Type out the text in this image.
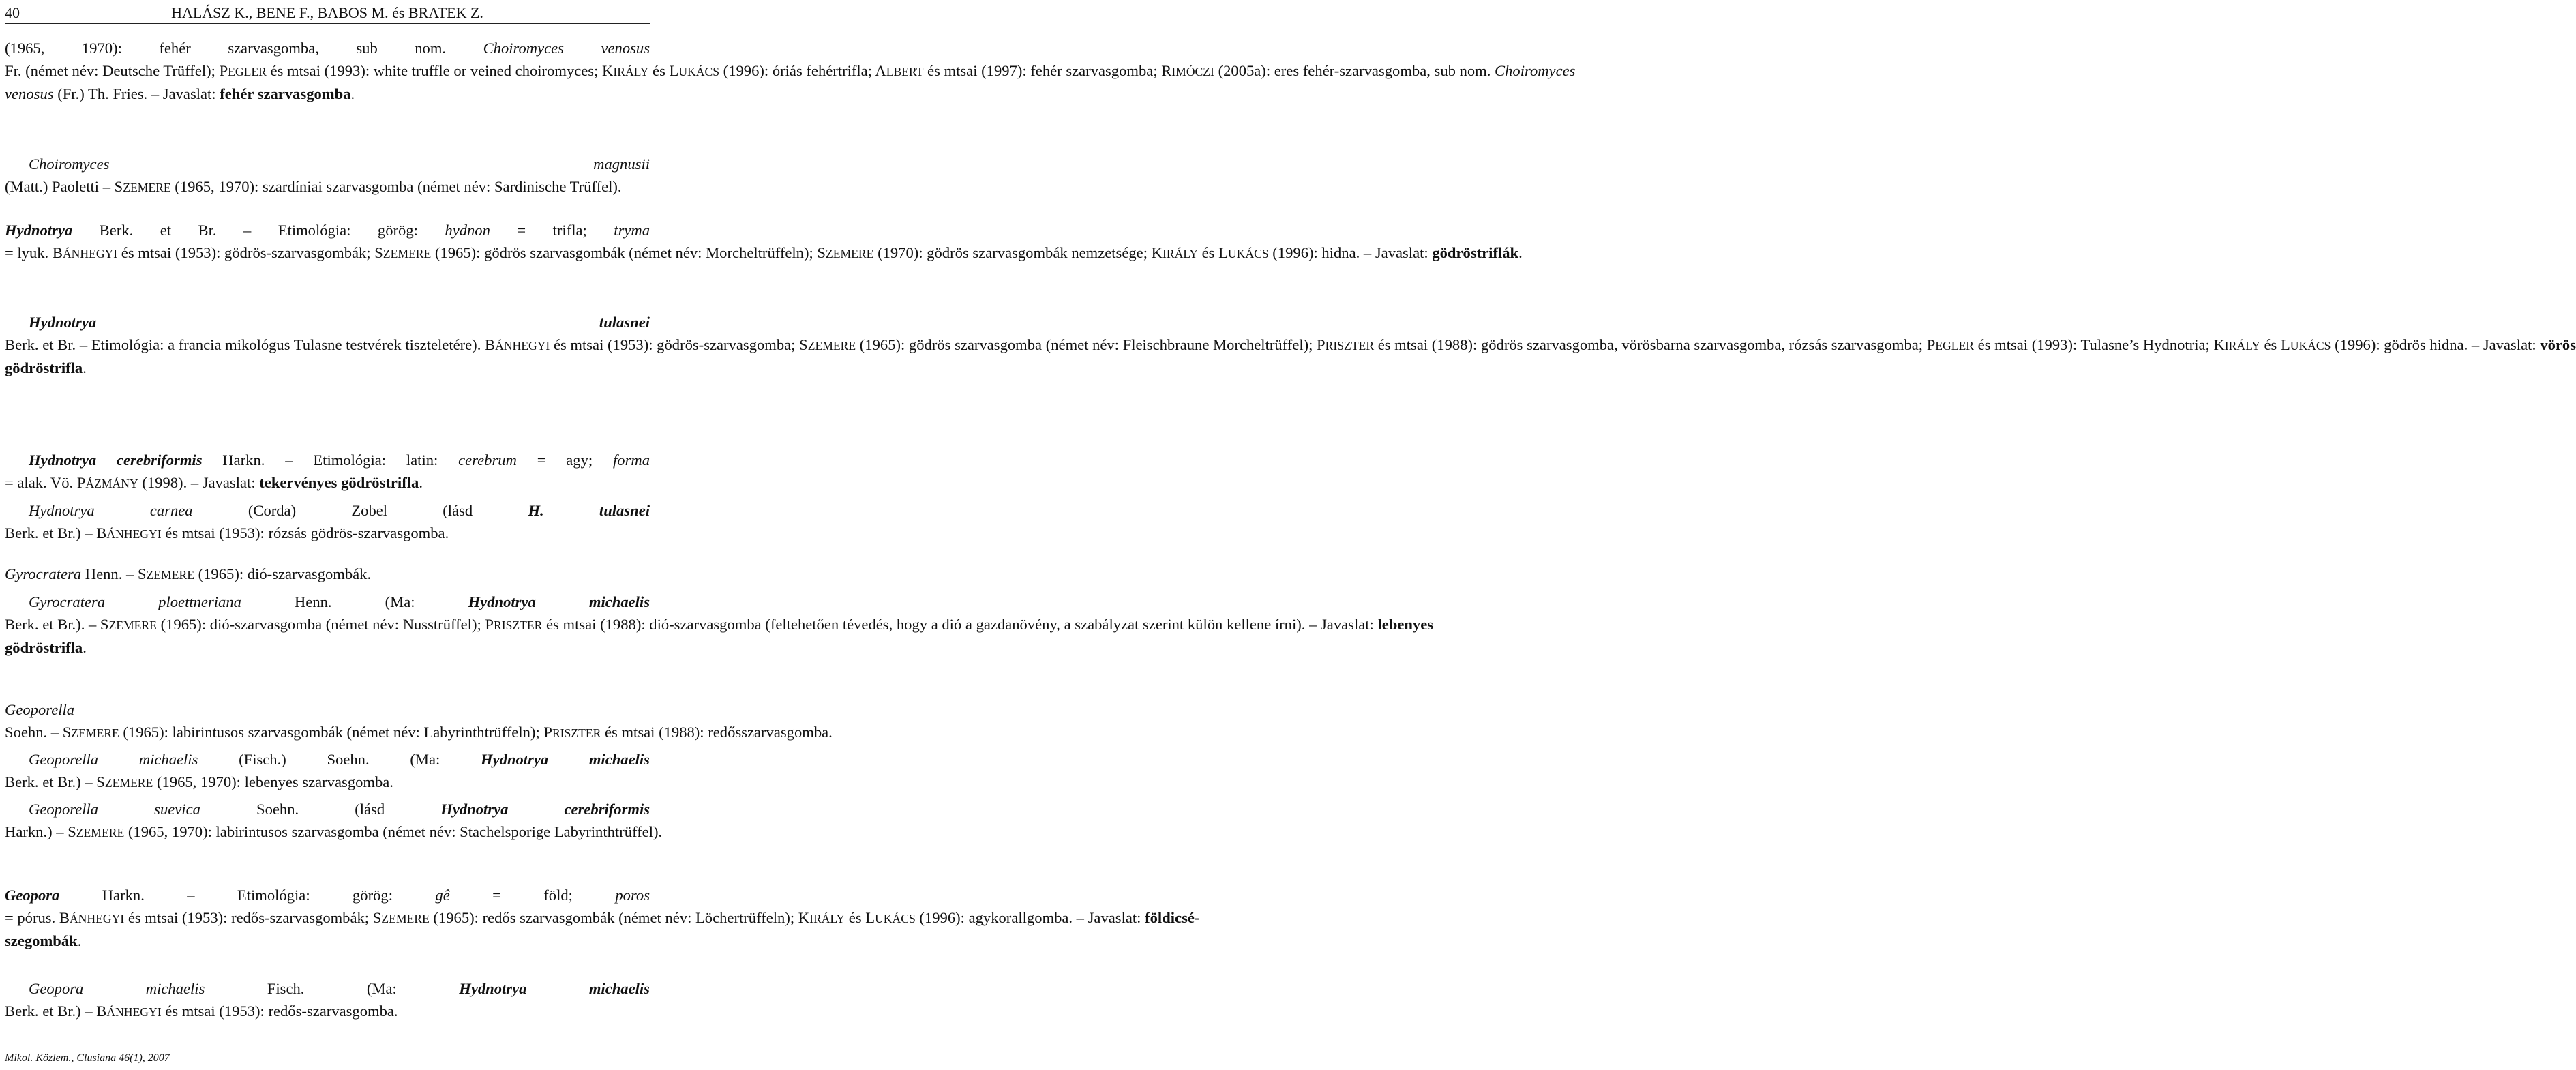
40	HALÁSZ K., BENE F., BABOS M. és BRATEK Z.
(1965, 1970): fehér szarvasgomba, sub nom. Choiromyces venosus Fr. (német név: Deutsche Trüffel); PEGLER és mtsai (1993): white truffle or veined choiromyces; KIRÁLY és LUKÁCS (1996): óriás fehértrifla; ALBERT és mtsai (1997): fehér szarvasgomba; RIMÓCZI (2005a): eres fehér-szarvasgomba, sub nom. Choiromyces venosus (Fr.) Th. Fries. – Javaslat: fehér szarvasgomba.
Choiromyces magnusii (Matt.) Paoletti – SZEMERE (1965, 1970): szardíniai szarvasgomba (német név: Sardinische Trüffel).
Hydnotrya Berk. et Br. – Etimológia: görög: hydnon = trifla; tryma = lyuk. BÁNHEGYI és mtsai (1953): gödrös-szarvasgombák; SZEMERE (1965): gödrös szarvasgombák (német név: Morcheltrüffeln); SZEMERE (1970): gödrös szarvasgombák nemzetsége; KIRÁLY és LUKÁCS (1996): hidna. – Javaslat: gödröstriflák.
Hydnotrya tulasnei Berk. et Br. – Etimológia: a francia mikológus Tulasne testvérek tiszteletére). BÁNHEGYI és mtsai (1953): gödrös-szarvasgomba; SZEMERE (1965): gödrös szarvasgomba (német név: Fleischbraune Morcheltrüffel); PRISZTER és mtsai (1988): gödrös szarvasgomba, vörösbarna szarvasgomba, rózsás szarvasgomba; PEGLER és mtsai (1993): Tulasne’s Hydnotria; KIRÁLY és LUKÁCS (1996): gödrös hidna. – Javaslat: vörös gödröstrifla.
Hydnotrya cerebriformis Harkn. – Etimológia: latin: cerebrum = agy; forma = alak. Vö. PÁZMÁNY (1998). – Javaslat: tekervényes gödröstrifla.
Hydnotrya carnea (Corda) Zobel (lásd H. tulasnei Berk. et Br.) – BÁNHEGYI és mtsai (1953): rózsás gödrös-szarvasgomba.
Gyrocratera Henn. – SZEMERE (1965): dió-szarvasgombák.
Gyrocratera ploettneriana Henn. (Ma: Hydnotrya michaelis Berk. et Br.). – SZEMERE (1965): dió-szarvasgomba (német név: Nusstrüffel); PRISZTER és mtsai (1988): dió-szarvasgomba (feltehetően tévedés, hogy a dió a gazdanövény, a szabályzat szerint külön kellene írni). – Javaslat: lebenyes gödröstrifla.
Geoporella Soehn. – SZEMERE (1965): labirintusos szarvasgombák (német név: Labyrinthtrüffeln); PRISZTER és mtsai (1988): redősszarvasgomba.
Geoporella michaelis (Fisch.) Soehn. (Ma: Hydnotrya michaelis Berk. et Br.) – SZEMERE (1965, 1970): lebenyes szarvasgomba.
Geoporella suevica Soehn. (lásd Hydnotrya cerebriformis Harkn.) – SZEMERE (1965, 1970): labirintusos szarvasgomba (német név: Stachelsporige Labyrinthtrüffel).
Geopora Harkn. – Etimológia: görög: gê = föld; poros = pórus. BÁNHEGYI és mtsai (1953): redős-szarvasgombák; SZEMERE (1965): redős szarvasgombák (német név: Löchertrüffeln); KIRÁLY és LUKÁCS (1996): agykorallgomba. – Javaslat: földicsészegombák.
Geopora michaelis Fisch. (Ma: Hydnotrya michaelis Berk. et Br.) – BÁNHEGYI és mtsai (1953): redős-szarvasgomba.
Mikol. Közlem., Clusiana 46(1), 2007
